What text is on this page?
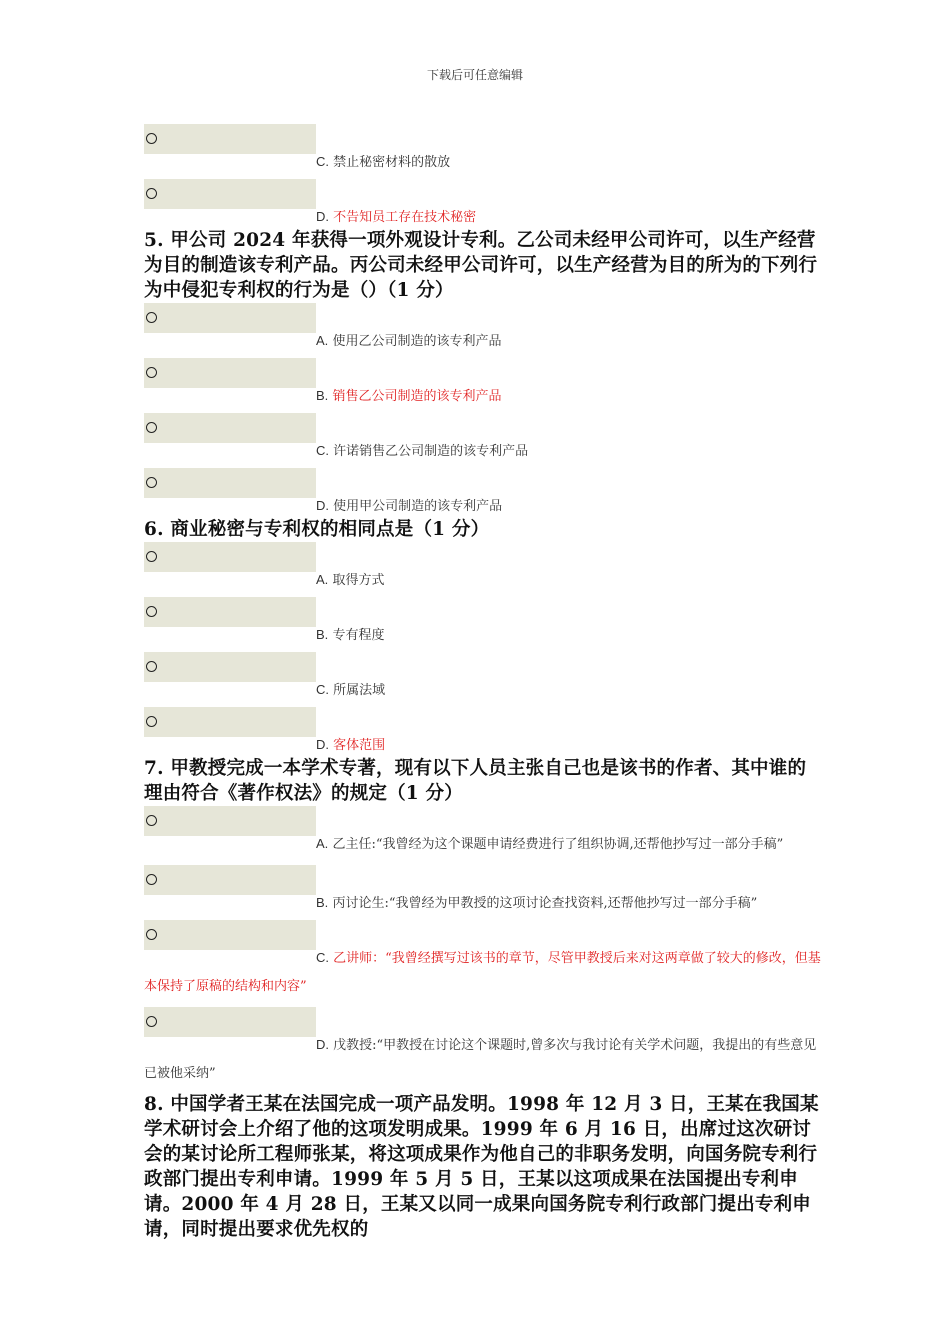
下载后可任意编辑
C. 禁止秘密材料的散放
D. 不告知员工存在技术秘密
5. 甲公司 2024 年获得一项外观设计专利。乙公司未经甲公司许可，以生产经营为目的制造该专利产品。丙公司未经甲公司许可，以生产经营为目的所为的下列行为中侵犯专利权的行为是（）（1 分）
A. 使用乙公司制造的该专利产品
B. 销售乙公司制造的该专利产品
C. 许诺销售乙公司制造的该专利产品
D. 使用甲公司制造的该专利产品
6. 商业秘密与专利权的相同点是（1 分）
A. 取得方式
B. 专有程度
C. 所属法域
D. 客体范围
7. 甲教授完成一本学术专著，现有以下人员主张自己也是该书的作者、其中谁的理由符合《著作权法》的规定（1 分）
A. 乙主任:“我曾经为这个课题申请经费进行了组织协调,还帮他抄写过一部分手稿”
B. 丙讨论生:“我曾经为甲教授的这项讨论查找资料,还帮他抄写过一部分手稿”
C. 乙讲师：“我曾经撰写过该书的章节，尽管甲教授后来对这两章做了较大的修改，但基本保持了原稿的结构和内容”
D. 戊教授:“甲教授在讨论这个课题时,曾多次与我讨论有关学术问题，我提出的有些意见已被他采纳”
8. 中国学者王某在法国完成一项产品发明。1998 年 12 月 3 日，王某在我国某学术研讨会上介绍了他的这项发明成果。1999 年 6 月 16 日，出席过这次研讨会的某讨论所工程师张某，将这项成果作为他自己的非职务发明，向国务院专利行政部门提出专利申请。1999 年 5 月 5 日，王某以这项成果在法国提出专利申请。2000 年 4 月 28 日，王某又以同一成果向国务院专利行政部门提出专利申请，同时提出要求优先权的
